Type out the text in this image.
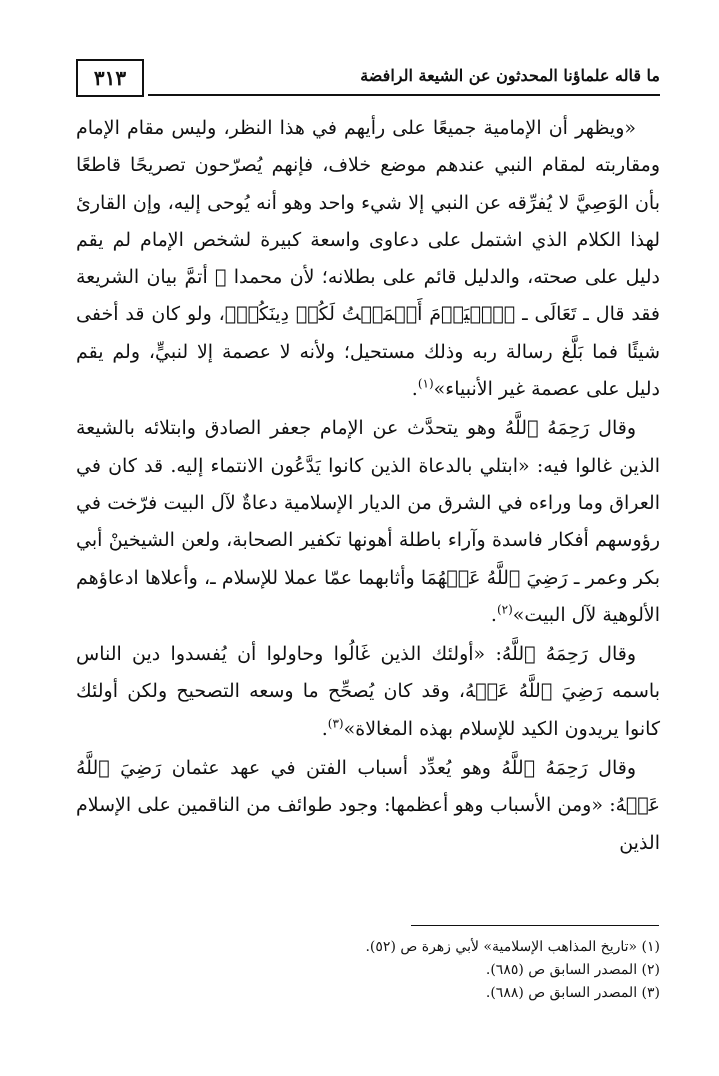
ما قاله علماؤنا المحدثون عن الشيعة الرافضة
٣١٣

«ويظهر أن الإمامية جميعًا على رأيهم في هذا النظر، وليس مقام الإمام ومقاربته لمقام النبي عندهم موضع خلاف، فإنهم يُصرّحون تصريحًا قاطعًا بأن الوَصِيَّ لا يُفرِّقه عن النبي إلا شيء واحد وهو أنه يُوحى إليه، وإن القارئ لهذا الكلام الذي اشتمل على دعاوى واسعة كبيرة لشخص الإمام لم يقم دليل على صحته، والدليل قائم على بطلانه؛ لأن محمدا ﷺ أتمَّ بيان الشريعة فقد قال ـ تَعَالَى ـ ﴿ٱلۡيَوۡمَ أَكۡمَلۡتُ لَكُمۡ دِينَكُمۡ﴾، ولو كان قد أخفى شيئًا فما بَلَّغ رسالة ربه وذلك مستحيل؛ ولأنه لا عصمة إلا لنبيٍّ، ولم يقم دليل على عصمة غير الأنبياء»$^{(١)}$.

وقال رَحِمَهُ ٱللَّهُ وهو يتحدَّث عن الإمام جعفر الصادق وابتلائه بالشيعة الذين غالوا فيه: «ابتلي بالدعاة الذين كانوا يَدَّعُون الانتماء إليه. قد كان في العراق وما وراءه في الشرق من الديار الإسلامية دعاةٌ لآل البيت فرّخت في رؤوسهم أفكار فاسدة وآراء باطلة أهونها تكفير الصحابة، ولعن الشيخينْ أبي بكر وعمر ـ رَضِيَ ٱللَّهُ عَنۡهُمَا وأثابهما عمّا عملا للإسلام ـ، وأعلاها ادعاؤهم الألوهية لآل البيت»$^{(٢)}$.

وقال رَحِمَهُ ٱللَّهُ: «أولئك الذين غَالُوا وحاولوا أن يُفسدوا دين الناس باسمه رَضِيَ ٱللَّهُ عَنۡهُ، وقد كان يُصحِّح ما وسعه التصحيح ولكن أولئك كانوا يريدون الكيد للإسلام بهذه المغالاة»$^{(٣)}$.

وقال رَحِمَهُ ٱللَّهُ وهو يُعدِّد أسباب الفتن في عهد عثمان رَضِيَ ٱللَّهُ عَنۡهُ: «ومن الأسباب وهو أعظمها: وجود طوائف من الناقمين على الإسلام الذين

(١) «تاريخ المذاهب الإسلامية» لأبي زهرة ص (٥٢).
(٢) المصدر السابق ص (٦٨٥).
(٣) المصدر السابق ص (٦٨٨).
